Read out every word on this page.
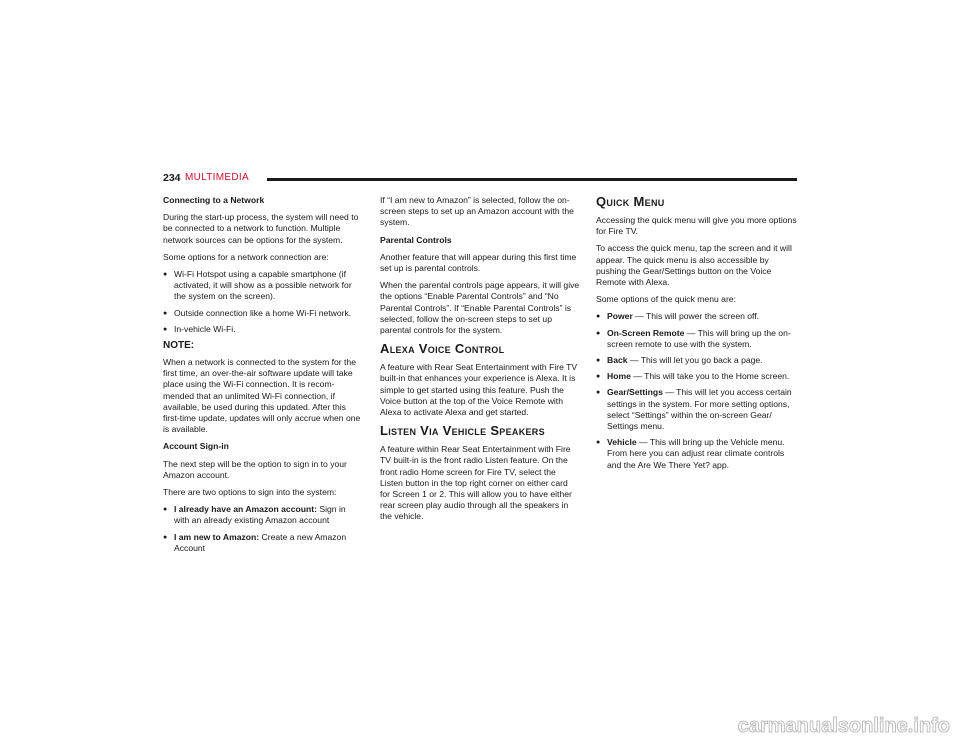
234 MULTIMEDIA

Connecting to a Network

During the start-up process, the system will need to be connected to a network to function. Multiple network sources can be options for the system.

Some options for a network connection are:

● Wi-Fi Hotspot using a capable smartphone (if activated, it will show as a possible network for the system on the screen).
● Outside connection like a home Wi-Fi network.
● In-vehicle Wi-Fi.

NOTE:

When a network is connected to the system for the first time, an over-the-air software update will take place using the Wi-Fi connection. It is recom-mended that an unlimited Wi-Fi connection, if available, be used during this updated. After this first-time update, updates will only accrue when one is available.

Account Sign-in

The next step will be the option to sign in to your Amazon account.

There are two options to sign into the system:

● I already have an Amazon account: Sign in with an already existing Amazon account
● I am new to Amazon: Create a new Amazon Account

If “I am new to Amazon” is selected, follow the on-screen steps to set up an Amazon account with the system.

Parental Controls

Another feature that will appear during this first time set up is parental controls.

When the parental controls page appears, it will give the options “Enable Parental Controls” and “No Parental Controls”. If “Enable Parental Controls” is selected, follow the on-screen steps to set up parental controls for the system.

Alexa Voice Control

A feature with Rear Seat Entertainment with Fire TV built-in that enhances your experience is Alexa. It is simple to get started using this feature. Push the Voice button at the top of the Voice Remote with Alexa to activate Alexa and get started.

Listen Via Vehicle Speakers

A feature within Rear Seat Entertainment with Fire TV built-in is the front radio Listen feature. On the front radio Home screen for Fire TV, select the Listen button in the top right corner on either card for Screen 1 or 2. This will allow you to have either rear screen play audio through all the speakers in the vehicle.

Quick Menu

Accessing the quick menu will give you more options for Fire TV.

To access the quick menu, tap the screen and it will appear. The quick menu is also accessible by pushing the Gear/Settings button on the Voice Remote with Alexa.

Some options of the quick menu are:

● Power — This will power the screen off.
● On-Screen Remote — This will bring up the on-screen remote to use with the system.
● Back — This will let you go back a page.
● Home — This will take you to the Home screen.
● Gear/Settings — This will let you access certain settings in the system. For more setting options, select “Settings” within the on-screen Gear/ Settings menu.
● Vehicle — This will bring up the Vehicle menu. From here you can adjust rear climate controls and the Are We There Yet? app.
carmanualsonline.info
